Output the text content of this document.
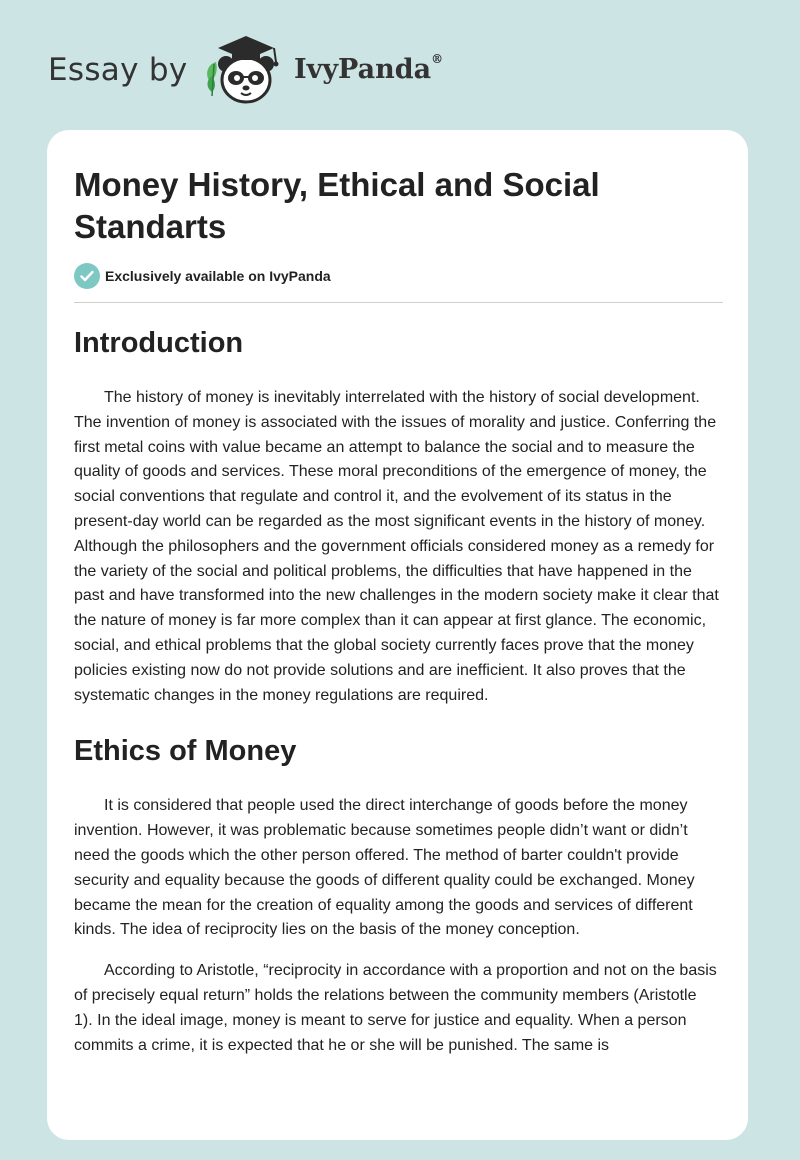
Essay by	IvyPanda®
Money History, Ethical and Social Standarts
Exclusively available on IvyPanda
Introduction

The history of money is inevitably interrelated with the history of social development. The invention of money is associated with the issues of morality and justice. Conferring the first metal coins with value became an attempt to balance the social and to measure the quality of goods and services. These moral preconditions of the emergence of money, the social conventions that regulate and control it, and the evolvement of its status in the present-day world can be regarded as the most significant events in the history of money. Although the philosophers and the government officials considered money as a remedy for the variety of the social and political problems, the difficulties that have happened in the past and have transformed into the new challenges in the modern society make it clear that the nature of money is far more complex than it can appear at first glance. The economic, social, and ethical problems that the global society currently faces prove that the money policies existing now do not provide solutions and are inefficient. It also proves that the systematic changes in the money regulations are required.

Ethics of Money

It is considered that people used the direct interchange of goods before the money invention. However, it was problematic because sometimes people didn’t want or didn’t need the goods which the other person offered. The method of barter couldn't provide security and equality because the goods of different quality could be exchanged. Money became the mean for the creation of equality among the goods and services of different kinds. The idea of reciprocity lies on the basis of the money conception.

According to Aristotle, “reciprocity in accordance with a proportion and not on the basis of precisely equal return” holds the relations between the community members (Aristotle 1). In the ideal image, money is meant to serve for justice and equality. When a person commits a crime, it is expected that he or she will be punished. The same is
